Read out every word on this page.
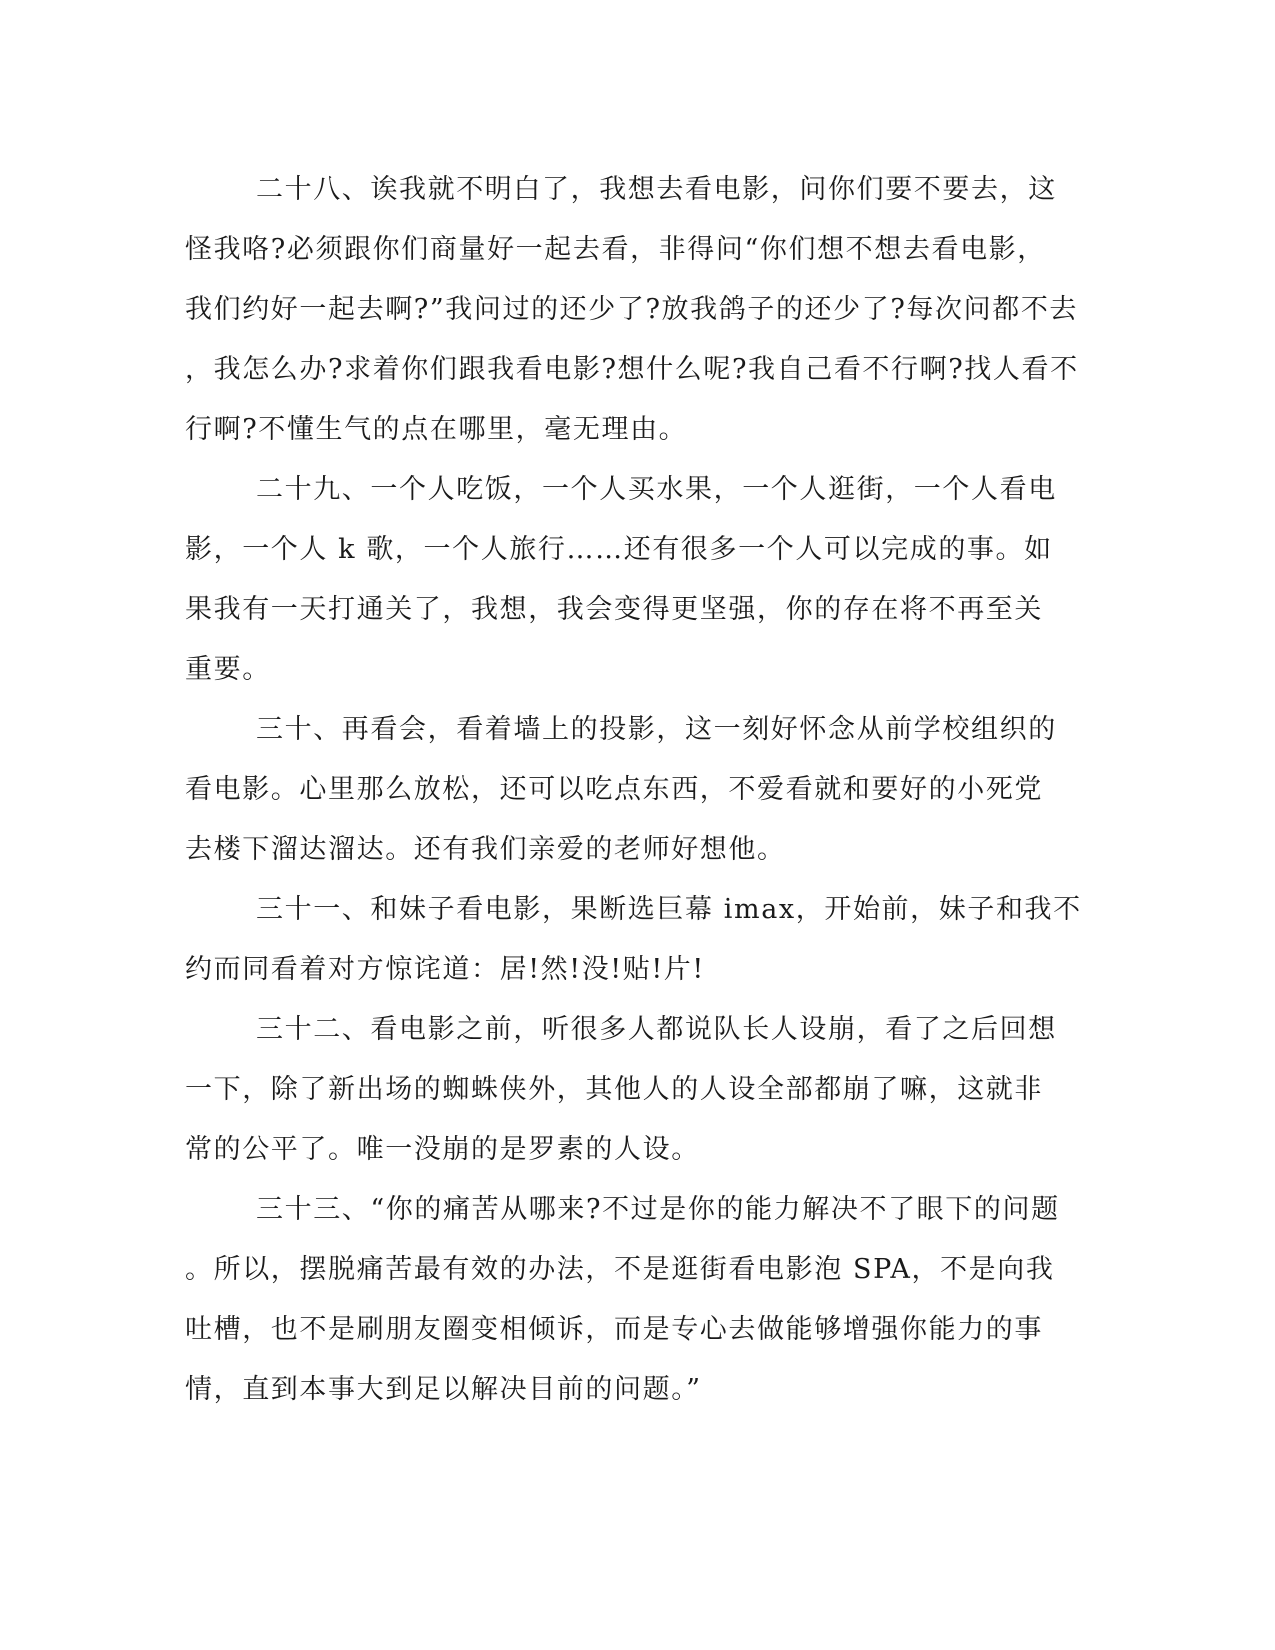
二十八、诶我就不明白了，我想去看电影，问你们要不要去，这
怪我咯?必须跟你们商量好一起去看，非得问“你们想不想去看电影，
我们约好一起去啊?”我问过的还少了?放我鸽子的还少了?每次问都不去
，我怎么办?求着你们跟我看电影?想什么呢?我自己看不行啊?找人看不
行啊?不懂生气的点在哪里，毫无理由。
二十九、一个人吃饭，一个人买水果，一个人逛街，一个人看电
影，一个人 k 歌，一个人旅行……还有很多一个人可以完成的事。如
果我有一天打通关了，我想，我会变得更坚强，你的存在将不再至关
重要。
三十、再看会，看着墙上的投影，这一刻好怀念从前学校组织的
看电影。心里那么放松，还可以吃点东西，不爱看就和要好的小死党
去楼下溜达溜达。还有我们亲爱的老师好想他。
三十一、和妹子看电影，果断选巨幕 imax，开始前，妹子和我不
约而同看着对方惊诧道：居!然!没!贴!片!
三十二、看电影之前，听很多人都说队长人设崩，看了之后回想
一下，除了新出场的蜘蛛侠外，其他人的人设全部都崩了嘛，这就非
常的公平了。唯一没崩的是罗素的人设。
三十三、“你的痛苦从哪来?不过是你的能力解决不了眼下的问题
。所以，摆脱痛苦最有效的办法，不是逛街看电影泡 SPA，不是向我
吐槽，也不是刷朋友圈变相倾诉，而是专心去做能够增强你能力的事
情，直到本事大到足以解决目前的问题。”
